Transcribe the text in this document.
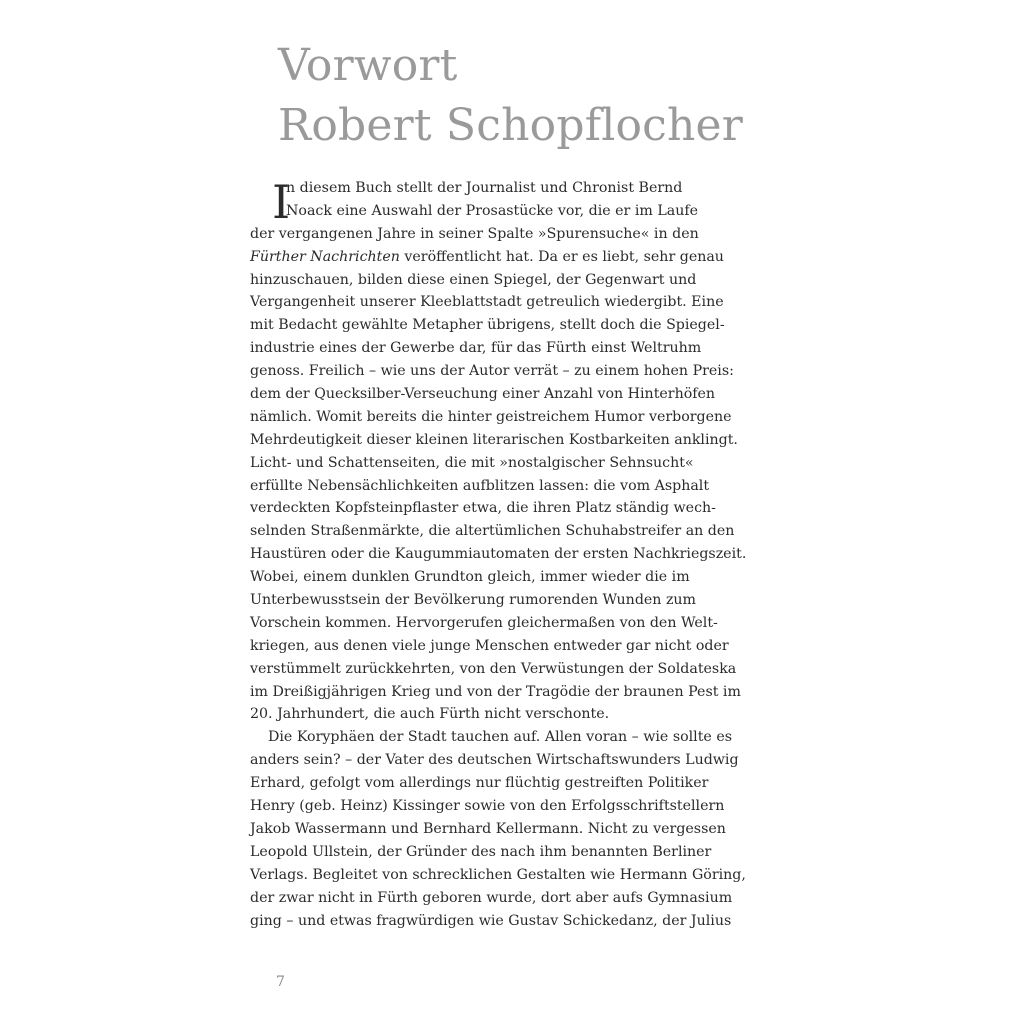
Vorwort
Robert Schopflocher
I
n diesem Buch stellt der Journalist und Chronist Bernd
Noack eine Auswahl der Prosastücke vor, die er im Laufe
der vergangenen Jahre in seiner Spalte »Spurensuche« in den
Fürther Nachrichten veröffentlicht hat. Da er es liebt, sehr genau
hinzuschauen, bilden diese einen Spiegel, der Gegenwart und
Vergangenheit unserer Kleeblattstadt getreulich wiedergibt. Eine
mit Bedacht gewählte Metapher übrigens, stellt doch die Spiegel-
industrie eines der Gewerbe dar, für das Fürth einst Weltruhm
genoss. Freilich – wie uns der Autor verrät – zu einem hohen Preis:
dem der Quecksilber-Verseuchung einer Anzahl von Hinterhöfen
nämlich. Womit bereits die hinter geistreichem Humor verborgene
Mehrdeutigkeit dieser kleinen literarischen Kostbarkeiten anklingt.
Licht- und Schattenseiten, die mit »nostalgischer Sehnsucht«
erfüllte Nebensächlichkeiten aufblitzen lassen: die vom Asphalt
verdeckten Kopfsteinpflaster etwa, die ihren Platz ständig wech-
selnden Straßenmärkte, die altertümlichen Schuhabstreifer an den
Haustüren oder die Kaugummiautomaten der ersten Nachkriegszeit.
Wobei, einem dunklen Grundton gleich, immer wieder die im
Unterbewusstsein der Bevölkerung rumorenden Wunden zum
Vorschein kommen. Hervorgerufen gleichermaßen von den Welt-
kriegen, aus denen viele junge Menschen entweder gar nicht oder
verstümmelt zurückkehrten, von den Verwüstungen der Soldateska
im Dreißigjährigen Krieg und von der Tragödie der braunen Pest im
20. Jahrhundert, die auch Fürth nicht verschonte.
Die Koryphäen der Stadt tauchen auf. Allen voran – wie sollte es
anders sein? – der Vater des deutschen Wirtschaftswunders Ludwig
Erhard, gefolgt vom allerdings nur flüchtig gestreiften Politiker
Henry (geb. Heinz) Kissinger sowie von den Erfolgsschriftstellern
Jakob Wassermann und Bernhard Kellermann. Nicht zu vergessen
Leopold Ullstein, der Gründer des nach ihm benannten Berliner
Verlags. Begleitet von schrecklichen Gestalten wie Hermann Göring,
der zwar nicht in Fürth geboren wurde, dort aber aufs Gymnasium
ging – und etwas fragwürdigen wie Gustav Schickedanz, der Julius
7
